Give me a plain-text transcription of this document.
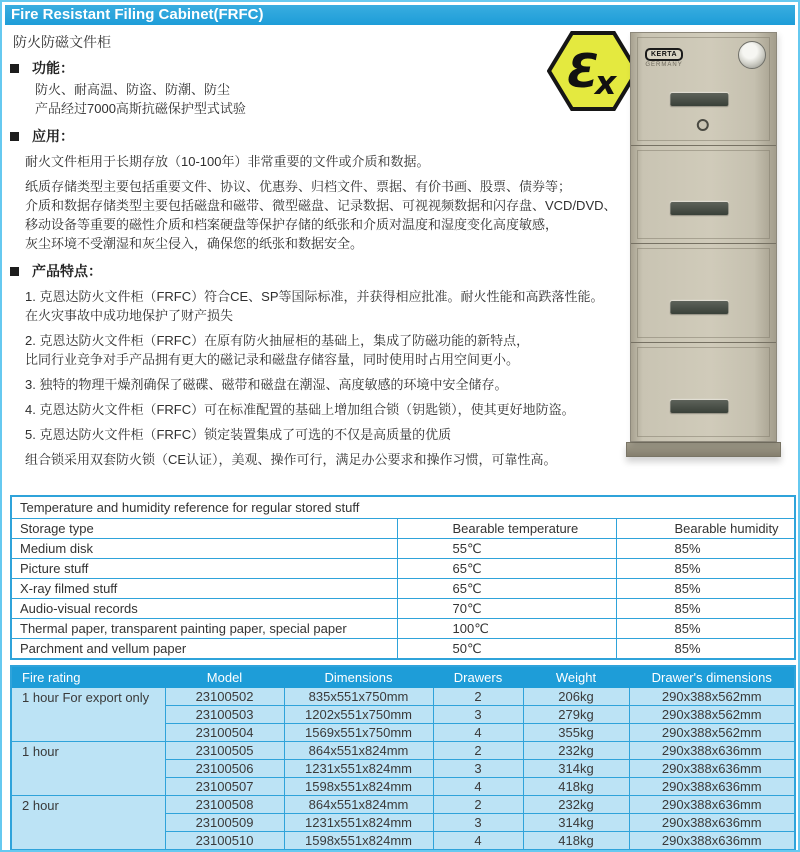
Fire Resistant Filing Cabinet(FRFC)
防火防磁文件柜
功能：
防火、耐高温、防盗、防潮、防尘
产品经过7000高斯抗磁保护型式试验
应用：
耐火文件柜用于长期存放（10-100年）非常重要的文件或介质和数据。
纸质存储类型主要包括重要文件、协议、优惠券、归档文件、票据、有价书画、股票、债券等；
介质和数据存储类型主要包括磁盘和磁带、微型磁盘、记录数据、可视视频数据和闪存盘、VCD/DVD、
移动设备等重要的磁性介质和档案硬盘等保护存储的纸张和介质对温度和湿度变化高度敏感，
灰尘环境不受潮湿和灰尘侵入，确保您的纸张和数据安全。
产品特点：
1. 克恩达防火文件柜（FRFC）符合CE、SP等国际标准，并获得相应批准。耐火性能和高跌落性能。
在火灾事故中成功地保护了财产损失
2. 克恩达防火文件柜（FRFC）在原有防火抽屉柜的基础上，集成了防磁功能的新特点，
比同行业竞争对手产品拥有更大的磁记录和磁盘存储容量，同时使用时占用空间更小。
3. 独特的物理干燥剂确保了磁碟、磁带和磁盘在潮湿、高度敏感的环境中安全储存。
4. 克恩达防火文件柜（FRFC）可在标准配置的基础上增加组合锁（钥匙锁），使其更好地防盗。
5. 克恩达防火文件柜（FRFC）锁定装置集成了可选的不仅是高质量的优质
组合锁采用双套防火锁（CE认证），美观、操作可行，满足办公要求和操作习惯，可靠性高。
Ɛ
x
KERTA
GERMANY
Temperature and humidity reference for regular stored stuff		
Storage type	Bearable temperature	Bearable humidity
Medium disk	55℃	85%
Picture stuff	65℃	85%
X-ray filmed stuff	65℃	85%
Audio-visual records	70℃	85%
Thermal paper, transparent painting paper, special paper	100℃	85%
Parchment and vellum paper	50℃	85%
Fire rating	Model	Dimensions	Drawers	Weight	Drawer's dimensions
1 hour For export only	23100502	835x551x750mm	2	206kg	290x388x562mm
	23100503	1202x551x750mm	3	279kg	290x388x562mm
	23100504	1569x551x750mm	4	355kg	290x388x562mm
1 hour	23100505	864x551x824mm	2	232kg	290x388x636mm
	23100506	1231x551x824mm	3	314kg	290x388x636mm
	23100507	1598x551x824mm	4	418kg	290x388x636mm
2 hour	23100508	864x551x824mm	2	232kg	290x388x636mm
	23100509	1231x551x824mm	3	314kg	290x388x636mm
	23100510	1598x551x824mm	4	418kg	290x388x636mm
